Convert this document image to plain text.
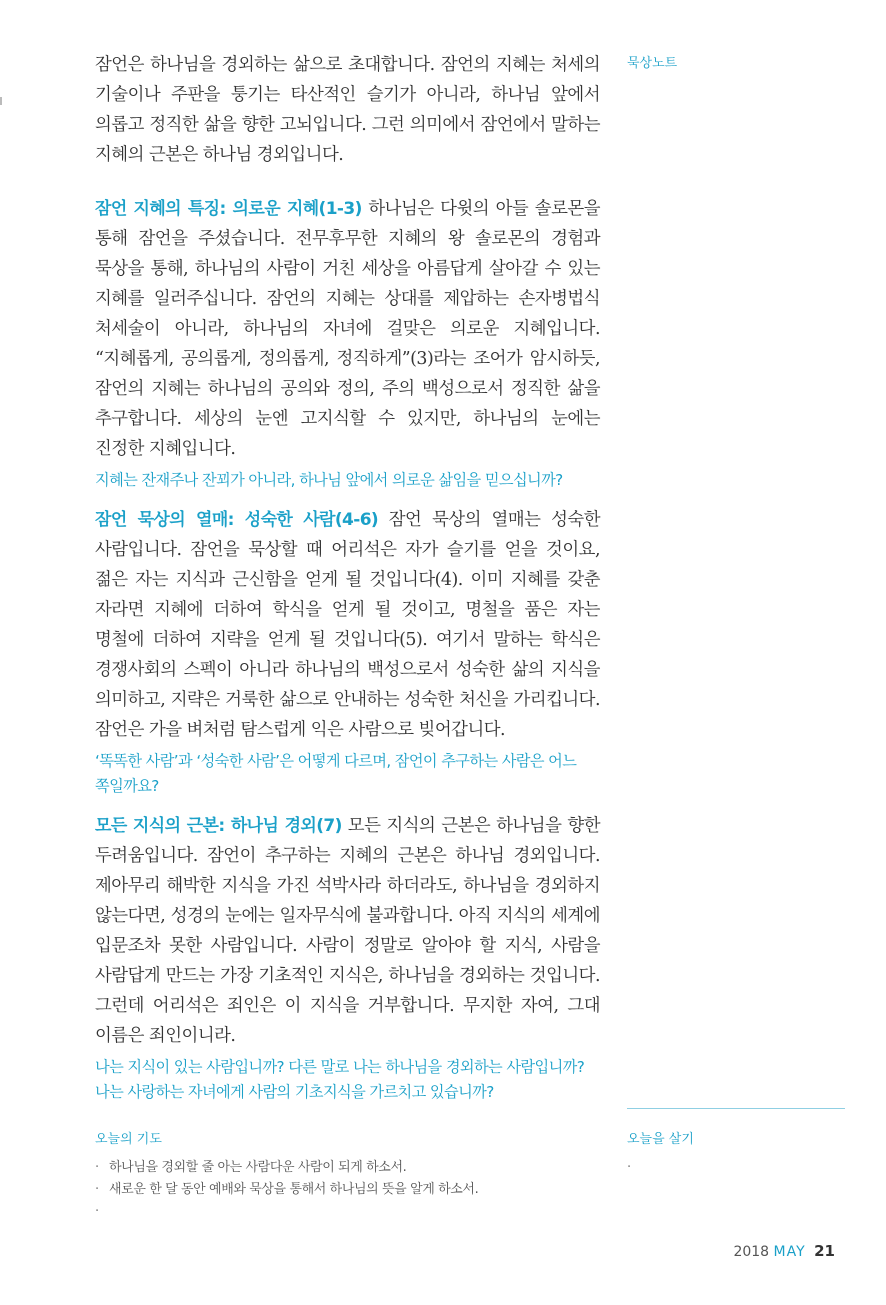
잠언은 하나님을 경외하는 삶으로 초대합니다. 잠언의 지혜는 처세의 기술이나 주판을 퉁기는 타산적인 슬기가 아니라, 하나님 앞에서 의롭고 정직한 삶을 향한 고뇌입니다. 그런 의미에서 잠언에서 말하는 지혜의 근본은 하나님 경외입니다.

잠언 지혜의 특징: 의로운 지혜(1-3) 하나님은 다윗의 아들 솔로몬을 통해 잠언을 주셨습니다. 전무후무한 지혜의 왕 솔로몬의 경험과 묵상을 통해, 하나님의 사람이 거친 세상을 아름답게 살아갈 수 있는 지혜를 일러주십니다. 잠언의 지혜는 상대를 제압하는 손자병법식 처세술이 아니라, 하나님의 자녀에 걸맞은 의로운 지혜입니다. “지혜롭게, 공의롭게, 정의롭게, 정직하게”(3)라는 조어가 암시하듯, 잠언의 지혜는 하나님의 공의와 정의, 주의 백성으로서 정직한 삶을 추구합니다. 세상의 눈엔 고지식할 수 있지만, 하나님의 눈에는 진정한 지혜입니다.

지혜는 잔재주나 잔꾀가 아니라, 하나님 앞에서 의로운 삶임을 믿으십니까?

잠언 묵상의 열매: 성숙한 사람(4-6) 잠언 묵상의 열매는 성숙한 사람입니다. 잠언을 묵상할 때 어리석은 자가 슬기를 얻을 것이요, 젊은 자는 지식과 근신함을 얻게 될 것입니다(4). 이미 지혜를 갖춘 자라면 지혜에 더하여 학식을 얻게 될 것이고, 명철을 품은 자는 명철에 더하여 지략을 얻게 될 것입니다(5). 여기서 말하는 학식은 경쟁사회의 스펙이 아니라 하나님의 백성으로서 성숙한 삶의 지식을 의미하고, 지략은 거룩한 삶으로 안내하는 성숙한 처신을 가리킵니다. 잠언은 가을 벼처럼 탐스럽게 익은 사람으로 빚어갑니다.

‘똑똑한 사람’과 ‘성숙한 사람’은 어떻게 다르며, 잠언이 추구하는 사람은 어느 쪽일까요?

모든 지식의 근본: 하나님 경외(7) 모든 지식의 근본은 하나님을 향한 두려움입니다. 잠언이 추구하는 지혜의 근본은 하나님 경외입니다. 제아무리 해박한 지식을 가진 석박사라 하더라도, 하나님을 경외하지 않는다면, 성경의 눈에는 일자무식에 불과합니다. 아직 지식의 세계에 입문조차 못한 사람입니다. 사람이 정말로 알아야 할 지식, 사람을 사람답게 만드는 가장 기초적인 지식은, 하나님을 경외하는 것입니다. 그런데 어리석은 죄인은 이 지식을 거부합니다. 무지한 자여, 그대 이름은 죄인이니라.

나는 지식이 있는 사람입니까? 다른 말로 나는 하나님을 경외하는 사람입니까? 나는 사랑하는 자녀에게 사람의 기초지식을 가르치고 있습니까?

묵상노트
오늘의 기도
· 하나님을 경외할 줄 아는 사람다운 사람이 되게 하소서.
· 새로운 한 달 동안 예배와 묵상을 통해서 하나님의 뜻을 알게 하소서.
·
오늘을 살기
·
2018 MAY 21
